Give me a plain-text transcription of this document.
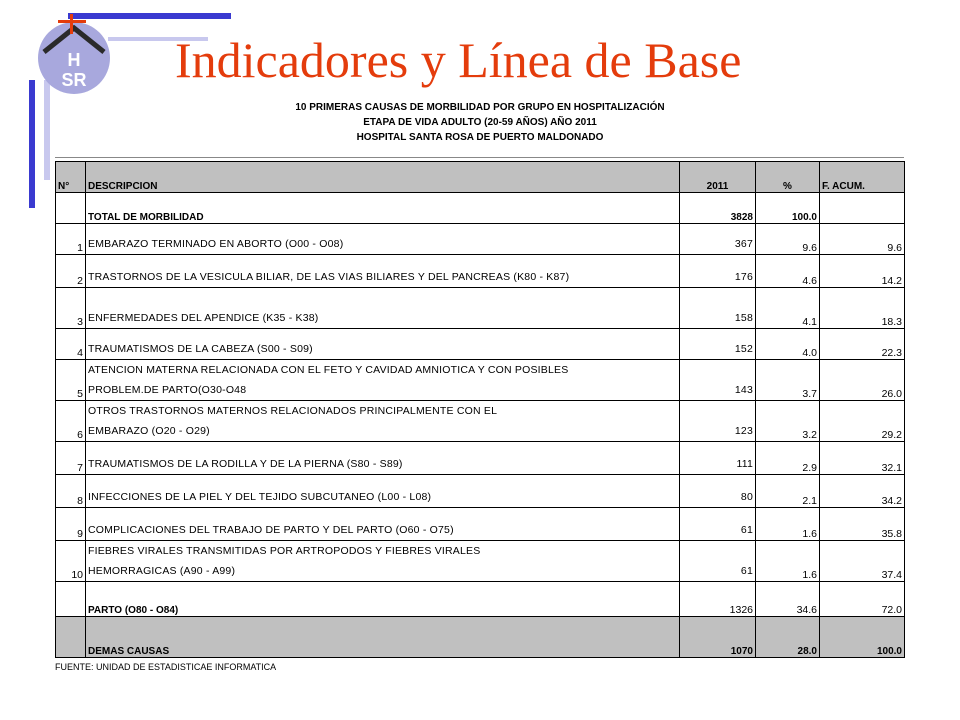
H
SR Indicadores y Línea de Base
10 PRIMERAS CAUSAS DE MORBILIDAD POR GRUPO EN HOSPITALIZACIÓN
ETAPA DE VIDA ADULTO (20-59 AÑOS) AÑO 2011
HOSPITAL SANTA ROSA DE PUERTO MALDONADO
N°	DESCRIPCION	2011	%	F. ACUM.
	TOTAL DE MORBILIDAD	3828	100.0	
1	EMBARAZO TERMINADO EN ABORTO (O00 - O08)	367	9.6	9.6
2	TRASTORNOS DE LA VESICULA BILIAR, DE LAS VIAS BILIARES Y DEL PANCREAS (K80 - K87)	176	4.6	14.2
3	ENFERMEDADES DEL APENDICE (K35 - K38)	158	4.1	18.3
4	TRAUMATISMOS DE LA CABEZA (S00 - S09)	152	4.0	22.3
5	ATENCION MATERNA RELACIONADA CON EL FETO Y CAVIDAD AMNIOTICA Y CON POSIBLES
PROBLEM.DE PARTO(O30-O48	143	3.7	26.0
6	OTROS TRASTORNOS MATERNOS RELACIONADOS PRINCIPALMENTE CON EL
EMBARAZO (O20 - O29)	123	3.2	29.2
7	TRAUMATISMOS DE LA RODILLA Y DE LA PIERNA (S80 - S89)	111	2.9	32.1
8	INFECCIONES DE LA PIEL Y DEL TEJIDO SUBCUTANEO (L00 - L08)	80	2.1	34.2
9	COMPLICACIONES DEL TRABAJO DE PARTO Y DEL PARTO (O60 - O75)	61	1.6	35.8
10	FIEBRES VIRALES TRANSMITIDAS POR ARTROPODOS Y FIEBRES VIRALES
HEMORRAGICAS (A90 - A99)	61	1.6	37.4
	PARTO (O80 - O84)	1326	34.6	72.0
	DEMAS CAUSAS	1070	28.0	100.0
FUENTE: UNIDAD DE ESTADISTICAE INFORMATICA
